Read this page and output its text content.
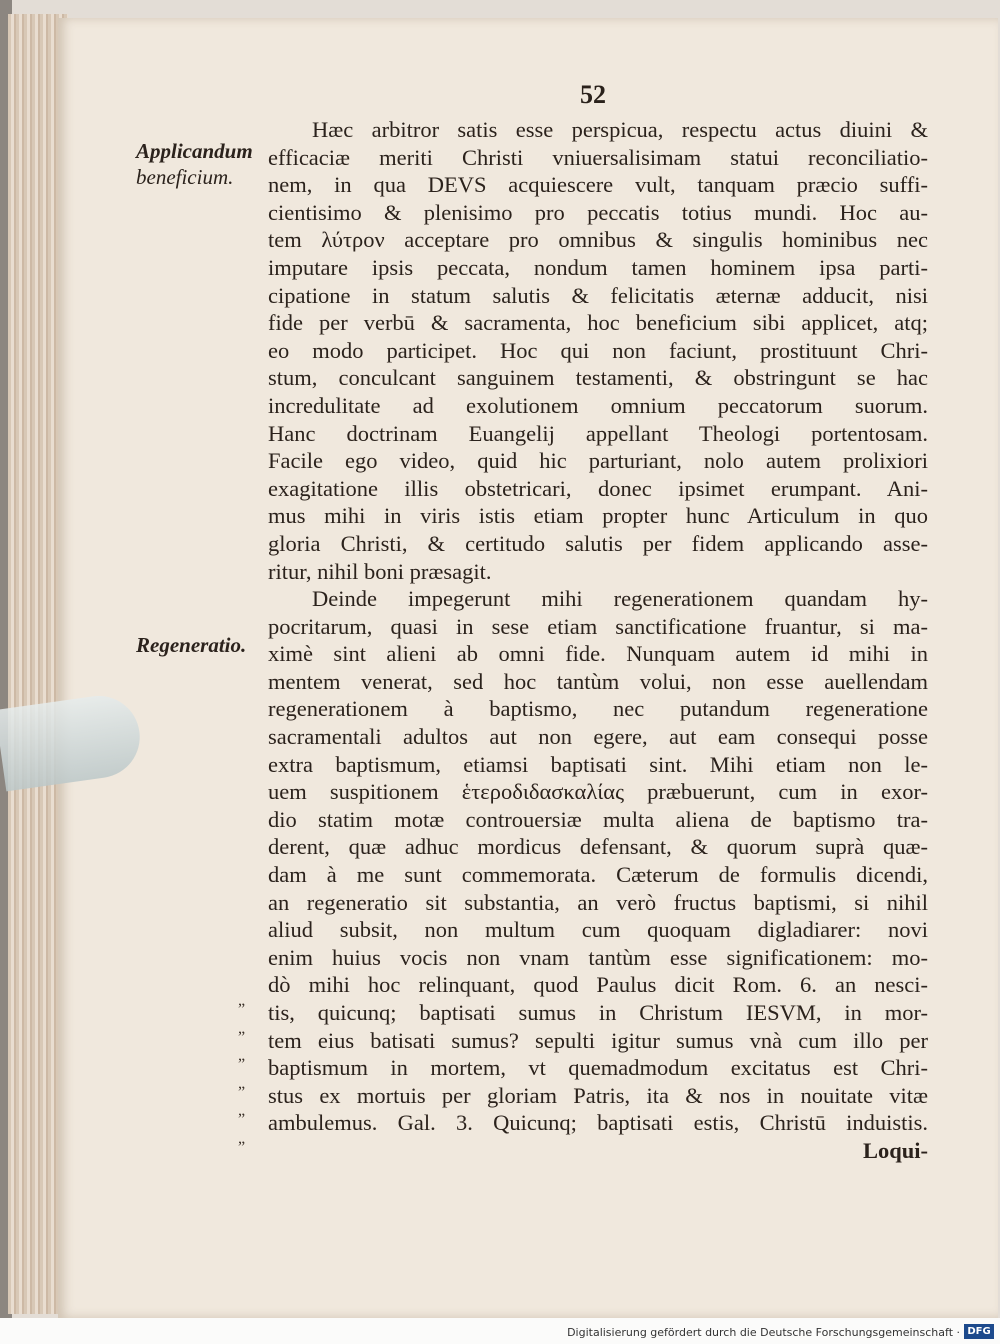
52
Applicandum
beneficium.
Regeneratio.
„
„
„
„
„
„
Hæc arbitror satis esse perspicua, respectu actus diuini &
efficaciæ meriti Christi vniuersalisimam statui reconciliatio-
nem, in qua DEVS acquiescere vult, tanquam præcio suffi-
cientisimo & plenisimo pro peccatis totius mundi. Hoc au-
tem λύτρον acceptare pro omnibus & singulis hominibus nec
imputare ipsis peccata, nondum tamen hominem ipsa parti-
cipatione in statum salutis & felicitatis æternæ adducit, nisi
fide per verbū & sacramenta, hoc beneficium sibi applicet, atq;
eo modo participet. Hoc qui non faciunt, prostituunt Chri-
stum, conculcant sanguinem testamenti, & obstringunt se hac
incredulitate ad exolutionem omnium peccatorum suorum.
Hanc doctrinam Euangelij appellant Theologi portentosam.
Facile ego video, quid hic parturiant, nolo autem prolixiori
exagitatione illis obstetricari, donec ipsimet erumpant. Ani-
mus mihi in viris istis etiam propter hunc Articulum in quo
gloria Christi, & certitudo salutis per fidem applicando asse-
ritur, nihil boni præsagit.
Deinde impegerunt mihi regenerationem quandam hy-
pocritarum, quasi in sese etiam sanctificatione fruantur, si ma-
ximè sint alieni ab omni fide. Nunquam autem id mihi in
mentem venerat, sed hoc tantùm volui, non esse auellendam
regenerationem à baptismo, nec putandum regeneratione
sacramentali adultos aut non egere, aut eam consequi posse
extra baptismum, etiamsi baptisati sint. Mihi etiam non le-
uem suspitionem ἑτεροδιδασκαλίας præbuerunt, cum in exor-
dio statim motæ controuersiæ multa aliena de baptismo tra-
derent, quæ adhuc mordicus defensant, & quorum suprà quæ-
dam à me sunt commemorata. Cæterum de formulis dicendi,
an regeneratio sit substantia, an verò fructus baptismi, si nihil
aliud subsit, non multum cum quoquam digladiarer: novi
enim huius vocis non vnam tantùm esse significationem: mo-
dò mihi hoc relinquant, quod Paulus dicit Rom. 6. an nesci-
tis, quicunq; baptisati sumus in Christum IESVM, in mor-
tem eius batisati sumus? sepulti igitur sumus vnà cum illo per
baptismum in mortem, vt quemadmodum excitatus est Chri-
stus ex mortuis per gloriam Patris, ita & nos in nouitate vitæ
ambulemus. Gal. 3. Quicunq; baptisati estis, Christū induistis.
Loqui-
Digitalisierung gefördert durch die Deutsche Forschungsgemeinschaft · DFG
